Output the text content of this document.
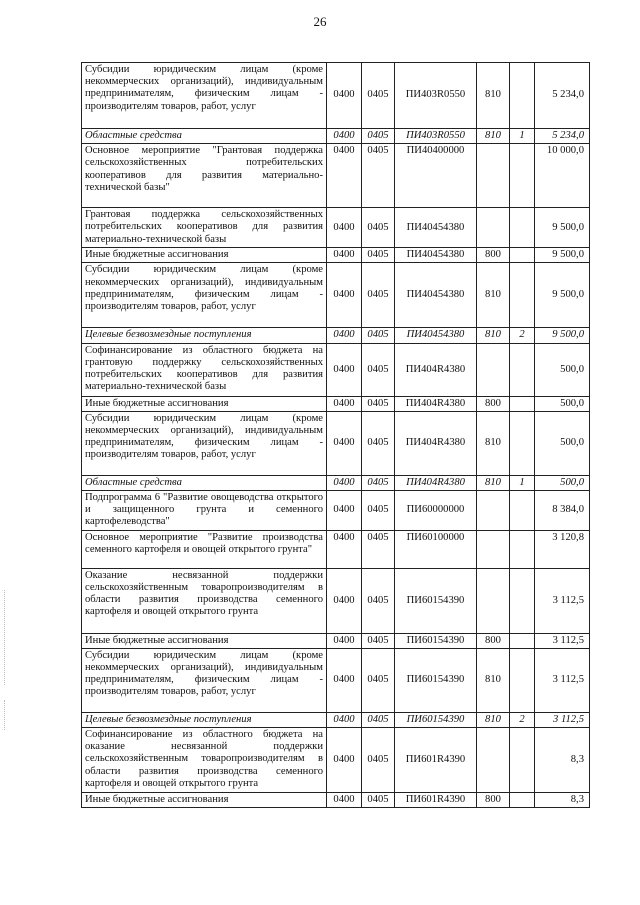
26
Субсидии юридическим лицам (кроме некоммерческих организаций), индивидуальным предпринимателям, физическим лицам - производителям товаров, работ, услуг	0400	0405	ПИ403R0550	810		5 234,0
Областные средства	0400	0405	ПИ403R0550	810	1	5 234,0
Основное мероприятие "Грантовая поддержка сельскохозяйственных потребительских кооперативов для развития материально-технической базы"	0400	0405	ПИ40400000			10 000,0
Грантовая поддержка сельскохозяйственных потребительских кооперативов для развития материально-технической базы	0400	0405	ПИ40454380			9 500,0
Иные бюджетные ассигнования	0400	0405	ПИ40454380	800		9 500,0
Субсидии юридическим лицам (кроме некоммерческих организаций), индивидуальным предпринимателям, физическим лицам - производителям товаров, работ, услуг	0400	0405	ПИ40454380	810		9 500,0
Целевые безвозмездные поступления	0400	0405	ПИ40454380	810	2	9 500,0
Софинансирование из областного бюджета на грантовую поддержку сельскохозяйственных потребительских кооперативов для развития материально-технической базы	0400	0405	ПИ404R4380			500,0
Иные бюджетные ассигнования	0400	0405	ПИ404R4380	800		500,0
Субсидии юридическим лицам (кроме некоммерческих организаций), индивидуальным предпринимателям, физическим лицам - производителям товаров, работ, услуг	0400	0405	ПИ404R4380	810		500,0
Областные средства	0400	0405	ПИ404R4380	810	1	500,0
Подпрограмма 6 "Развитие овощеводства открытого и защищенного грунта и семенного картофелеводства"	0400	0405	ПИ60000000			8 384,0
Основное мероприятие "Развитие производства семенного картофеля и овощей открытого грунта"	0400	0405	ПИ60100000			3 120,8
Оказание несвязанной поддержки сельскохозяйственным товаропроизводителям в области развития производства семенного картофеля и овощей открытого грунта	0400	0405	ПИ60154390			3 112,5
Иные бюджетные ассигнования	0400	0405	ПИ60154390	800		3 112,5
Субсидии юридическим лицам (кроме некоммерческих организаций), индивидуальным предпринимателям, физическим лицам - производителям товаров, работ, услуг	0400	0405	ПИ60154390	810		3 112,5
Целевые безвозмездные поступления	0400	0405	ПИ60154390	810	2	3 112,5
Софинансирование из областного бюджета на оказание несвязанной поддержки сельскохозяйственным товаропроизводителям в области развития производства семенного картофеля и овощей открытого грунта	0400	0405	ПИ601R4390			8,3
Иные бюджетные ассигнования	0400	0405	ПИ601R4390	800		8,3
